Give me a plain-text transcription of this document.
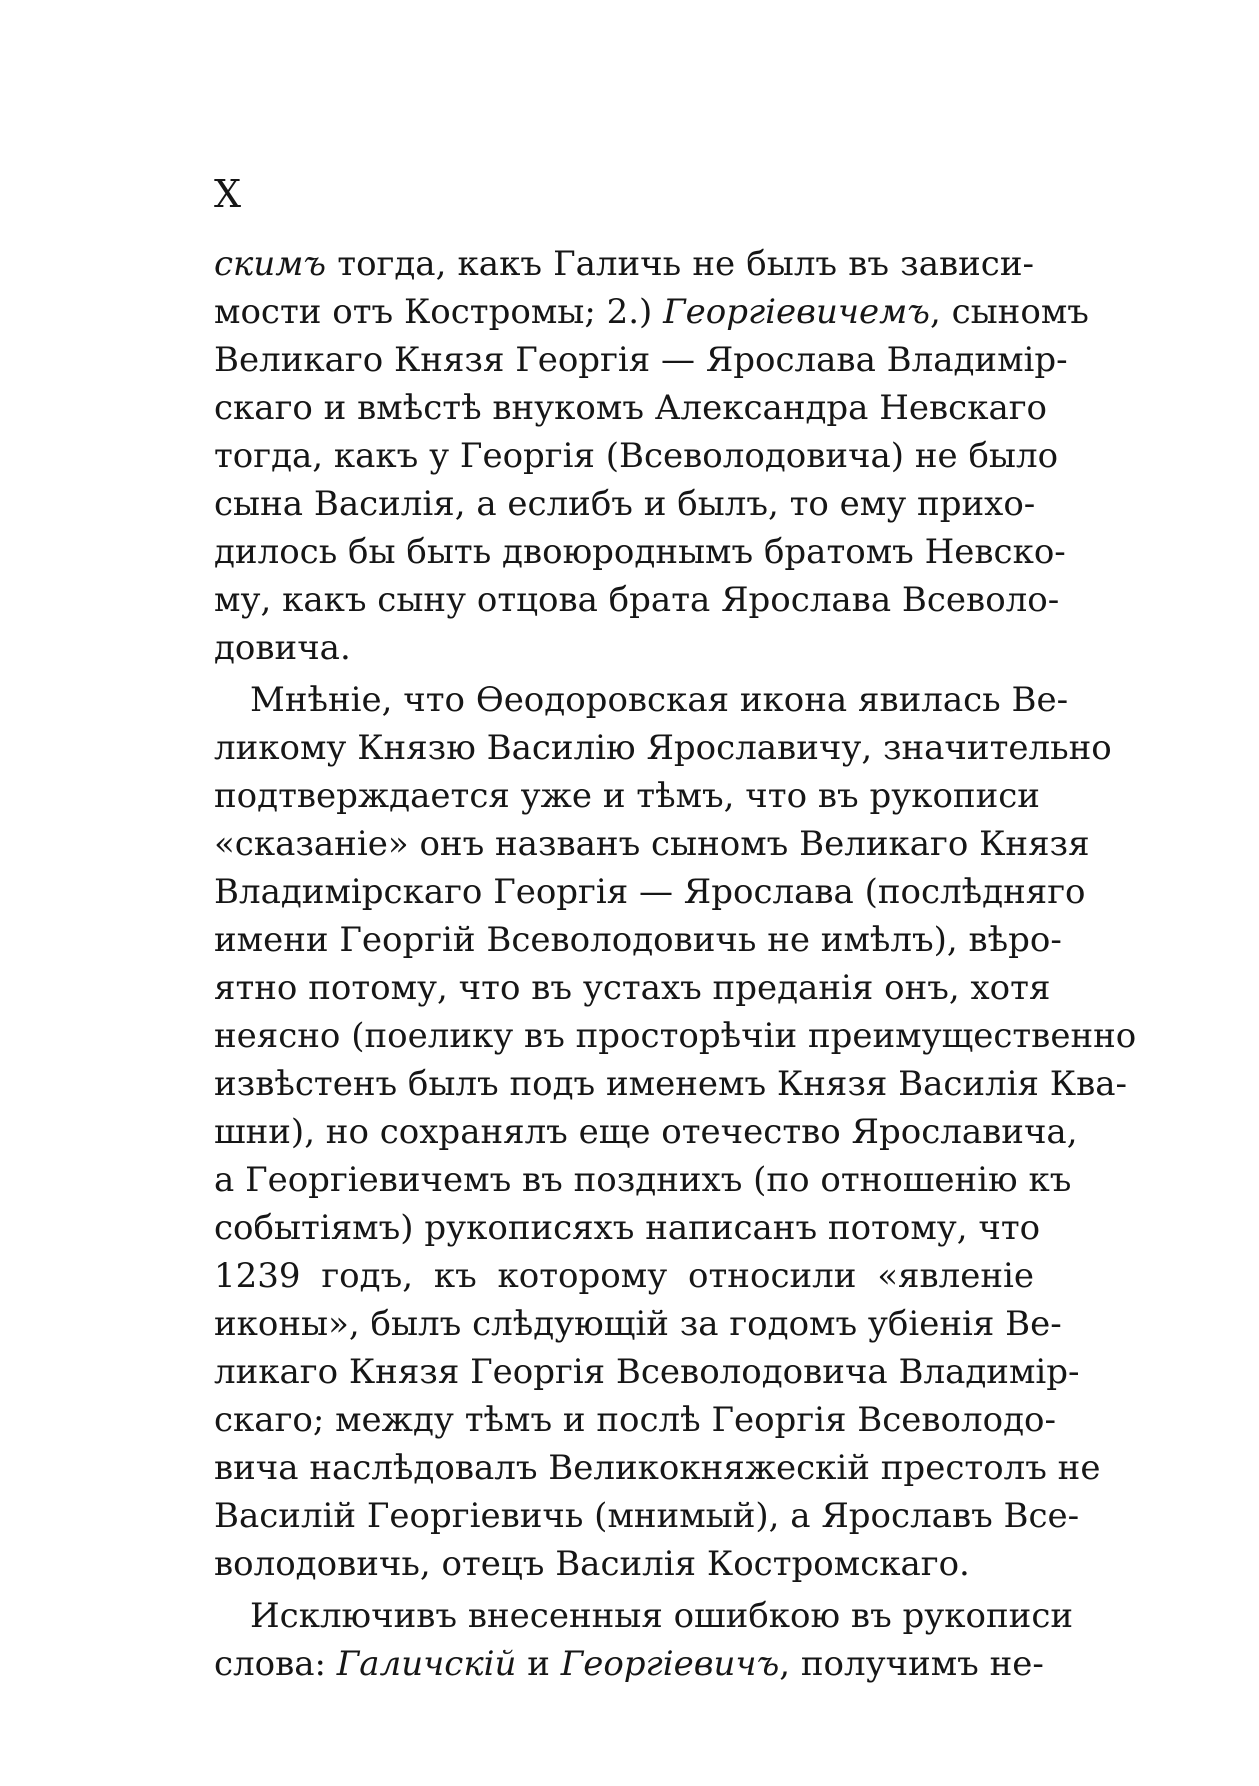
X
скимъ тогда, какъ Галичь не былъ въ зависи-
мости отъ Костромы; 2.) Георгіевичемъ, сыномъ
Великаго Князя Георгія — Ярослава Владимір-
скаго и вмѣстѣ внукомъ Александра Невскаго
тогда, какъ у Георгія (Всеволодовича) не было
сына Василія, а еслибъ и былъ, то ему прихо-
дилось бы быть двоюроднымъ братомъ Невско-
му, какъ сыну отцова брата Ярослава Всеволо-
довича.
Мнѣніе, что Ѳеодоровская икона явилась Ве-
ликому Князю Василію Ярославичу, значительно
подтверждается уже и тѣмъ, что въ рукописи
«сказаніе» онъ названъ сыномъ Великаго Князя
Владимірскаго Георгія — Ярослава (послѣдняго
имени Георгій Всеволодовичь не имѣлъ), вѣро-
ятно потому, что въ устахъ преданія онъ, хотя
неясно (поелику въ просторѣчіи преимущественно
извѣстенъ былъ подъ именемъ Князя Василія Ква-
шни), но сохранялъ еще отечество Ярославича,
а Георгіевичемъ въ позднихъ (по отношенію къ
событіямъ) рукописяхъ написанъ потому, что
1239 годъ, къ которому относили «явленіе
иконы», былъ слѣдующій за годомъ убіенія Ве-
ликаго Князя Георгія Всеволодовича Владимір-
скаго; между тѣмъ и послѣ Георгія Всеволодо-
вича наслѣдовалъ Великокняжескій престолъ не
Василій Георгіевичь (мнимый), а Ярославъ Все-
володовичь, отецъ Василія Костромскаго.
Исключивъ внесенныя ошибкою въ рукописи
слова: Галичскій и Георгіевичъ, получимъ не-
